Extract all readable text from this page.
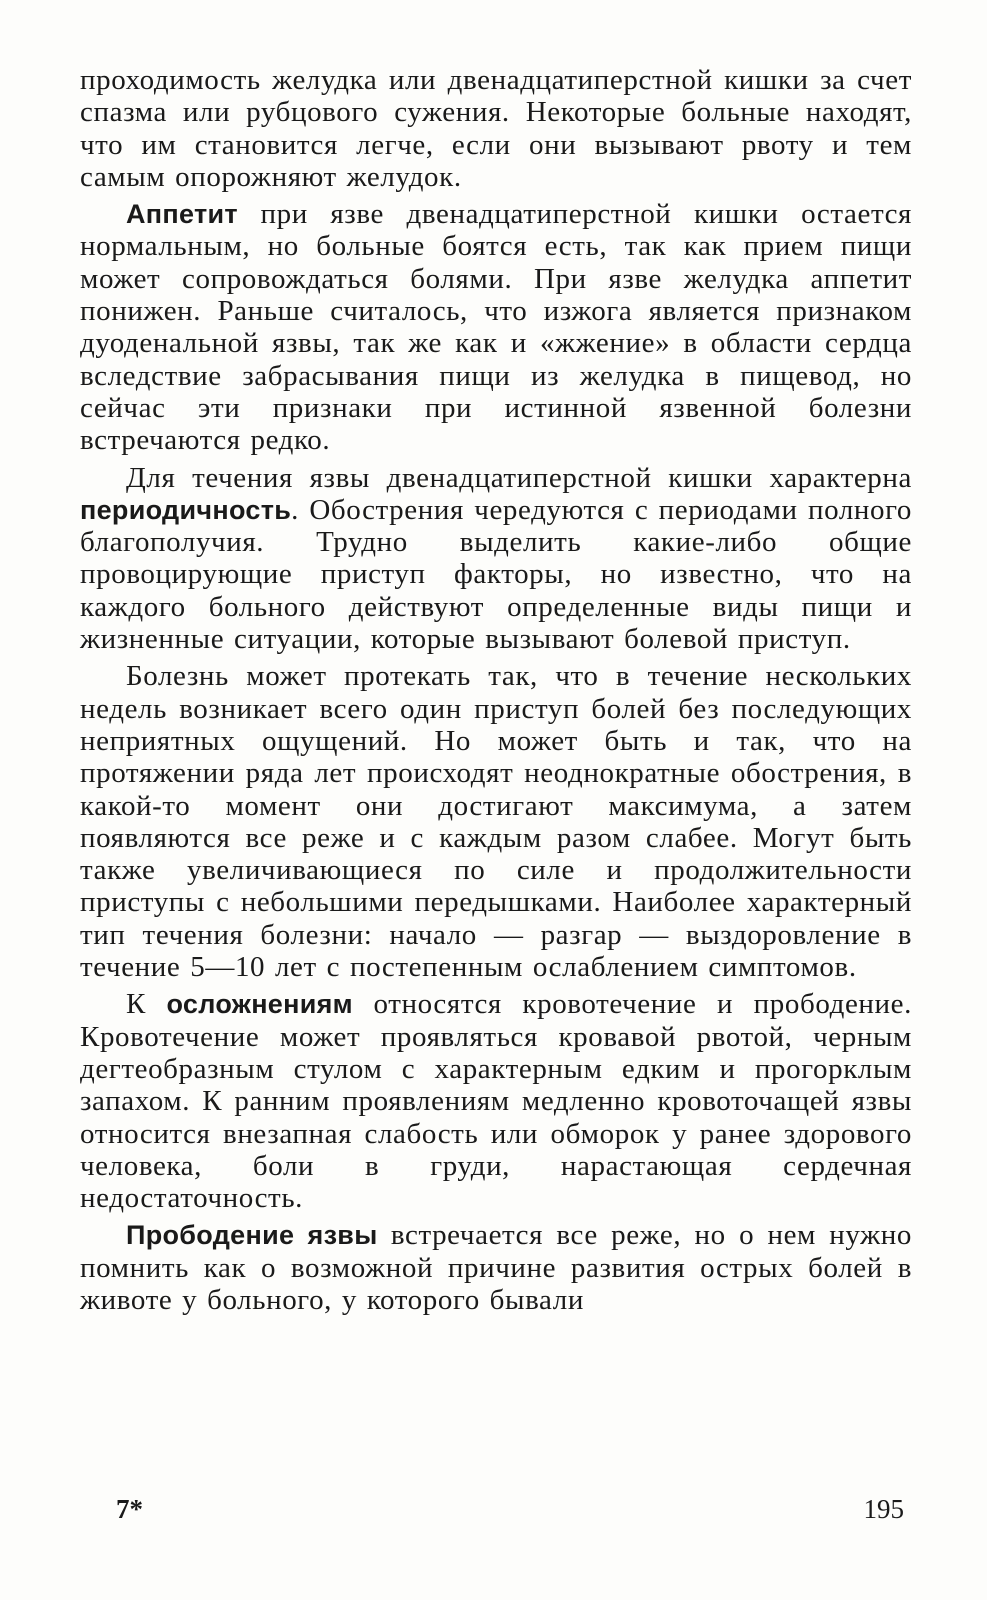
проходимость желудка или двенадцатиперстной кишки за счет спазма или рубцового сужения. Некоторые больные находят, что им становится легче, если они вызывают рвоту и тем самым опорожняют желудок.

Аппетит при язве двенадцатиперстной кишки остается нормальным, но больные боятся есть, так как прием пищи может сопровождаться болями. При язве желудка аппетит понижен. Раньше считалось, что изжога является признаком дуоденальной язвы, так же как и «жжение» в области сердца вследствие забрасывания пищи из желудка в пищевод, но сейчас эти признаки при истинной язвенной болезни встречаются редко.

Для течения язвы двенадцатиперстной кишки характерна периодичность. Обострения чередуются с периодами полного благополучия. Трудно выделить какие-либо общие провоцирующие приступ факторы, но известно, что на каждого больного действуют определенные виды пищи и жизненные ситуации, которые вызывают болевой приступ.

Болезнь может протекать так, что в течение нескольких недель возникает всего один приступ болей без последующих неприятных ощущений. Но может быть и так, что на протяжении ряда лет происходят неоднократные обострения, в какой-то момент они достигают максимума, а затем появляются все реже и с каждым разом слабее. Могут быть также увеличивающиеся по силе и продолжительности приступы с небольшими передышками. Наиболее характерный тип течения болезни: начало — разгар — выздоровление в течение 5—10 лет с постепенным ослаблением симптомов.

К осложнениям относятся кровотечение и прободение. Кровотечение может проявляться кровавой рвотой, черным дегтеобразным стулом с характерным едким и прогорклым запахом. К ранним проявлениям медленно кровоточащей язвы относится внезапная слабость или обморок у ранее здорового человека, боли в груди, нарастающая сердечная недостаточность.

Прободение язвы встречается все реже, но о нем нужно помнить как о возможной причине развития острых болей в животе у больного, у которого бывали

7*	195
